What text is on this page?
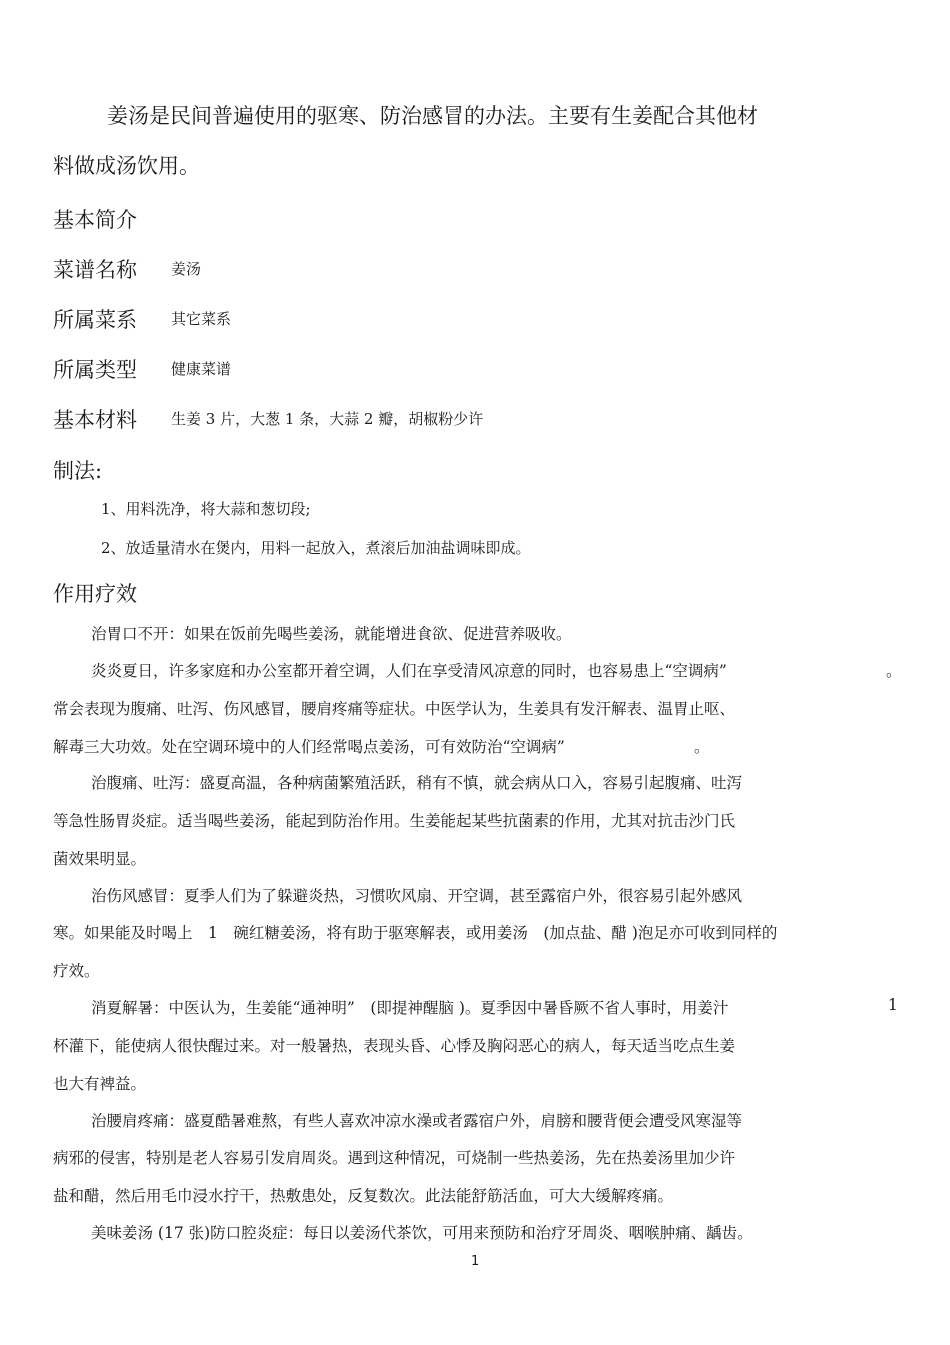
姜汤是民间普遍使用的驱寒、防治感冒的办法。主要有生姜配合其他材
料做成汤饮用。
基本简介
菜谱名称 姜汤
所属菜系 其它菜系
所属类型 健康菜谱
基本材料 生姜 3 片，大葱 1 条，大蒜 2 瓣，胡椒粉少许
制法:
1、用料洗净，将大蒜和葱切段;
2、放适量清水在煲内，用料一起放入，煮滚后加油盐调味即成。
作用疗效
治胃口不开：如果在饭前先喝些姜汤，就能增进食欲、促进营养吸收。
炎炎夏日，许多家庭和办公室都开着空调，人们在享受清风凉意的同时，也容易患上“空调病”	。
常会表现为腹痛、吐泻、伤风感冒，腰肩疼痛等症状。中医学认为，生姜具有发汗解表、温胃止呕、
解毒三大功效。处在空调环境中的人们经常喝点姜汤，可有效防治“空调病”	。
治腹痛、吐泻：盛夏高温，各种病菌繁殖活跃，稍有不慎，就会病从口入，容易引起腹痛、吐泻
等急性肠胃炎症。适当喝些姜汤，能起到防治作用。生姜能起某些抗菌素的作用，尤其对抗击沙门氏
菌效果明显。
治伤风感冒：夏季人们为了躲避炎热，习惯吹风扇、开空调，甚至露宿户外，很容易引起外感风
寒。如果能及时喝上　1　碗红糖姜汤，将有助于驱寒解表，或用姜汤　(加点盐、醋 )泡足亦可收到同样的
疗效。
消夏解暑：中医认为，生姜能“通神明”　(即提神醒脑 )。夏季因中暑昏厥不省人事时，用姜汁	1
杯灌下，能使病人很快醒过来。对一般暑热，表现头昏、心悸及胸闷恶心的病人，每天适当吃点生姜
也大有裨益。
治腰肩疼痛：盛夏酷暑难熬，有些人喜欢冲凉水澡或者露宿户外，肩膀和腰背便会遭受风寒湿等
病邪的侵害，特别是老人容易引发肩周炎。遇到这种情况，可烧制一些热姜汤，先在热姜汤里加少许
盐和醋，然后用毛巾浸水拧干，热敷患处，反复数次。此法能舒筋活血，可大大缓解疼痛。
美味姜汤 (17 张)防口腔炎症：每日以姜汤代茶饮，可用来预防和治疗牙周炎、咽喉肿痛、龋齿。
1
